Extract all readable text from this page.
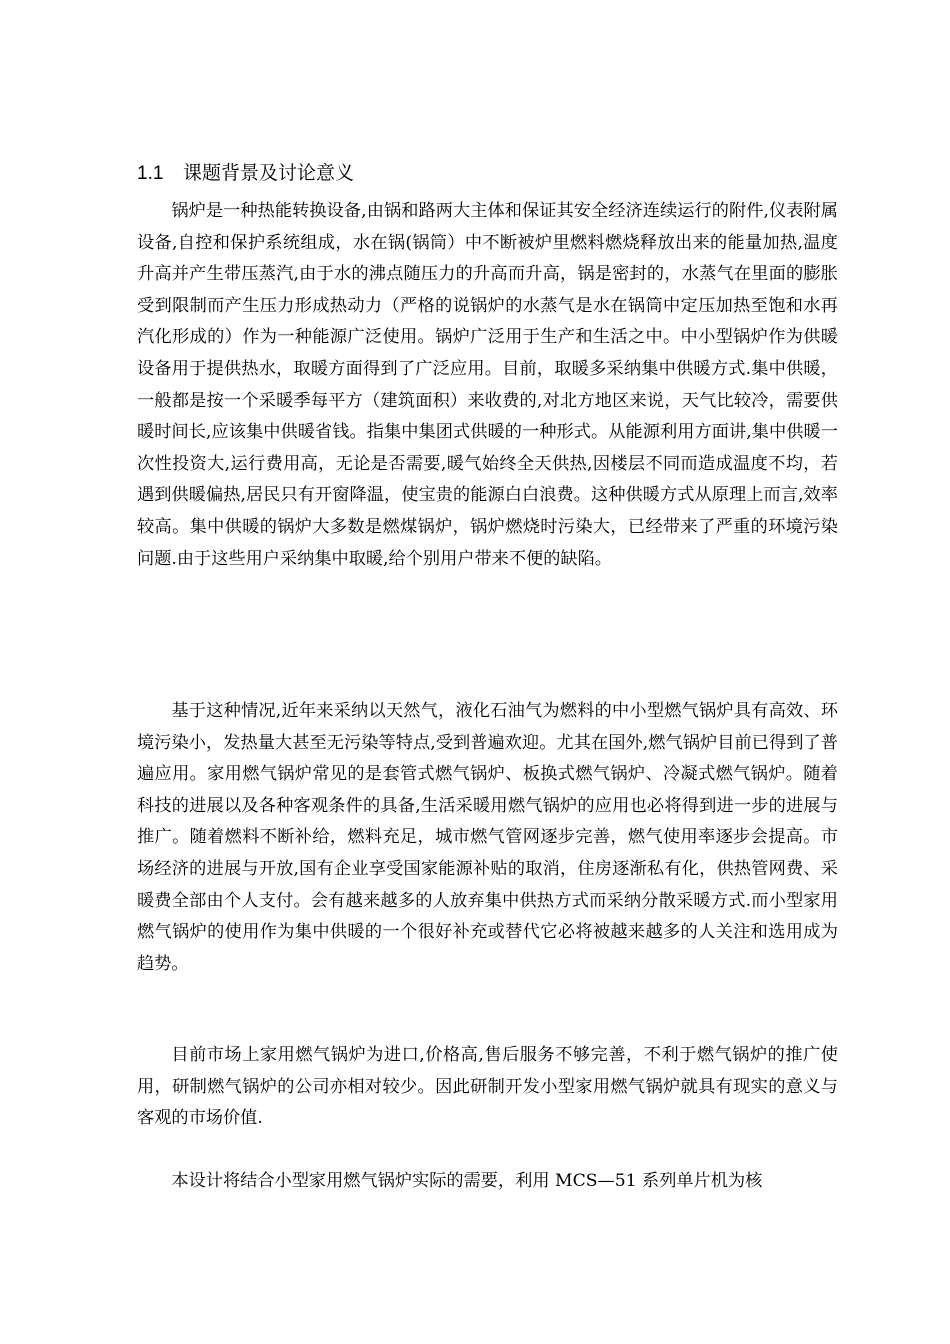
1.1 课题背景及讨论意义

锅炉是一种热能转换设备,由锅和路两大主体和保证其安全经济连续运行的附件,仪表附属设备,自控和保护系统组成，水在锅(锅筒）中不断被炉里燃料燃烧释放出来的能量加热,温度升高并产生带压蒸汽,由于水的沸点随压力的升高而升高，锅是密封的，水蒸气在里面的膨胀受到限制而产生压力形成热动力（严格的说锅炉的水蒸气是水在锅筒中定压加热至饱和水再汽化形成的）作为一种能源广泛使用。锅炉广泛用于生产和生活之中。中小型锅炉作为供暖设备用于提供热水，取暖方面得到了广泛应用。目前，取暖多采纳集中供暖方式.集中供暖，一般都是按一个采暖季每平方（建筑面积）来收费的,对北方地区来说，天气比较冷，需要供暖时间长,应该集中供暖省钱。指集中集团式供暖的一种形式。从能源利用方面讲,集中供暖一次性投资大,运行费用高，无论是否需要,暖气始终全天供热,因楼层不同而造成温度不均，若遇到供暖偏热,居民只有开窗降温，使宝贵的能源白白浪费。这种供暖方式从原理上而言,效率较高。集中供暖的锅炉大多数是燃煤锅炉，锅炉燃烧时污染大，已经带来了严重的环境污染问题.由于这些用户采纳集中取暖,给个别用户带来不便的缺陷。

基于这种情况,近年来采纳以天然气，液化石油气为燃料的中小型燃气锅炉具有高效、环境污染小，发热量大甚至无污染等特点,受到普遍欢迎。尤其在国外,燃气锅炉目前已得到了普遍应用。家用燃气锅炉常见的是套管式燃气锅炉、板换式燃气锅炉、冷凝式燃气锅炉。随着科技的进展以及各种客观条件的具备,生活采暖用燃气锅炉的应用也必将得到进一步的进展与推广。随着燃料不断补给，燃料充足，城市燃气管网逐步完善，燃气使用率逐步会提高。市场经济的进展与开放,国有企业享受国家能源补贴的取消，住房逐渐私有化，供热管网费、采暖费全部由个人支付。会有越来越多的人放弃集中供热方式而采纳分散采暖方式.而小型家用燃气锅炉的使用作为集中供暖的一个很好补充或替代它必将被越来越多的人关注和选用成为趋势。

目前市场上家用燃气锅炉为进口,价格高,售后服务不够完善，不利于燃气锅炉的推广使用，研制燃气锅炉的公司亦相对较少。因此研制开发小型家用燃气锅炉就具有现实的意义与客观的市场价值.

本设计将结合小型家用燃气锅炉实际的需要，利用 MCS—51 系列单片机为核
